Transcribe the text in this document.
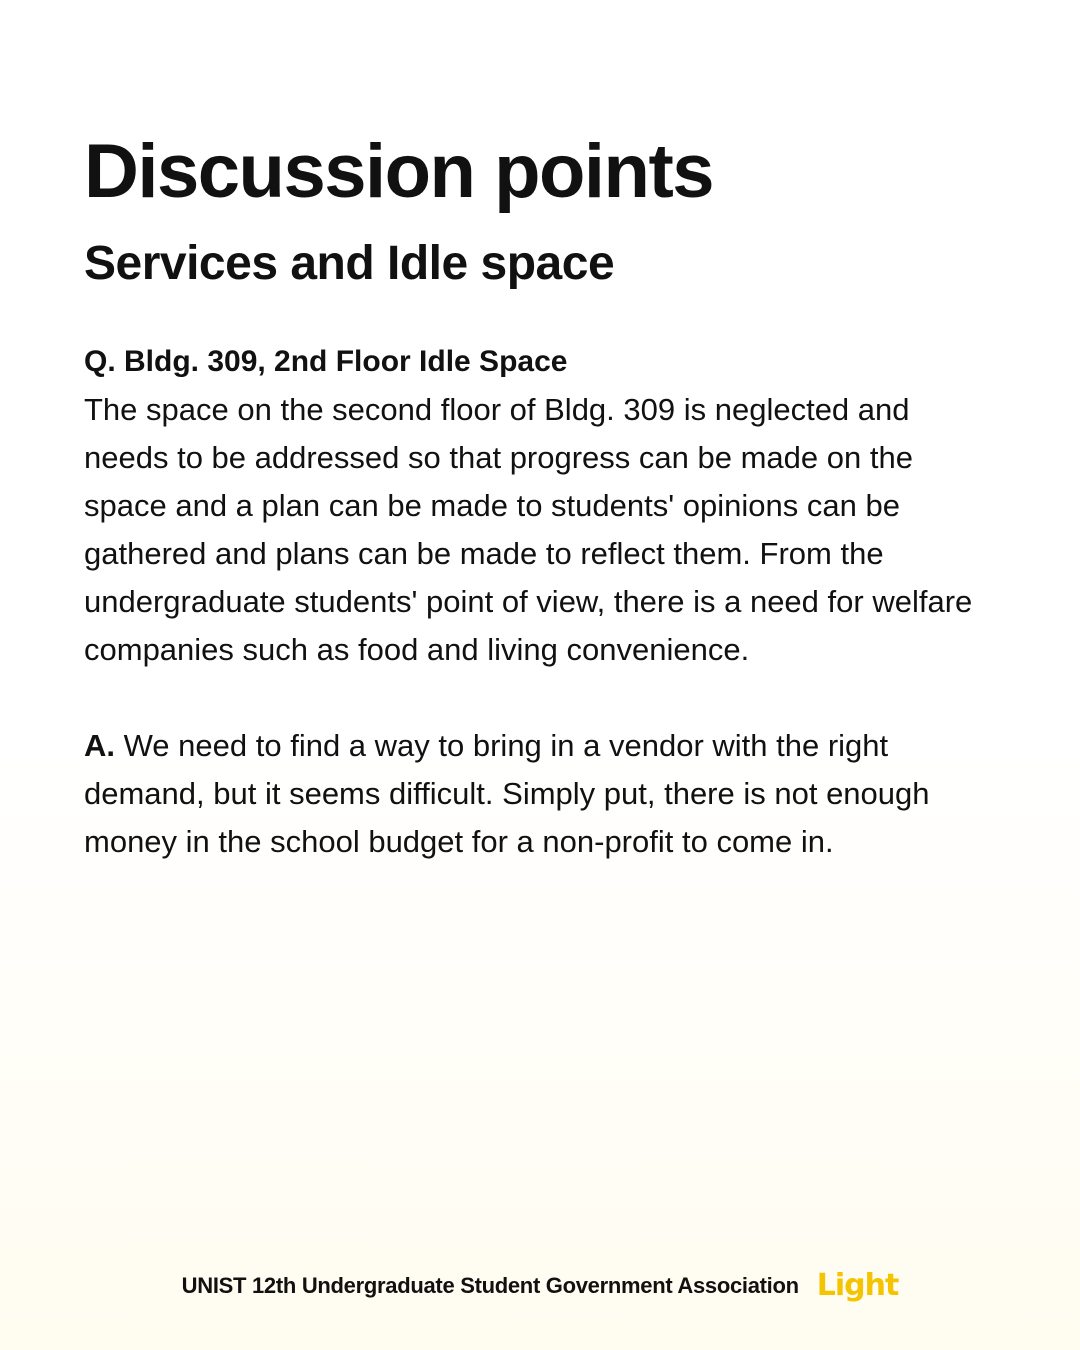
Discussion points
Services and Idle space

Q. Bldg. 309, 2nd Floor Idle Space

The space on the second floor of Bldg. 309 is neglected and needs to be addressed so that progress can be made on the space and a plan can be made to students' opinions can be gathered and plans can be made to reflect them. From the undergraduate students' point of view, there is a need for welfare companies such as food and living convenience.

A. We need to find a way to bring in a vendor with the right demand, but it seems difficult. Simply put, there is not enough money in the school budget for a non-profit to come in.

UNIST 12th Undergraduate Student Government Association Light
